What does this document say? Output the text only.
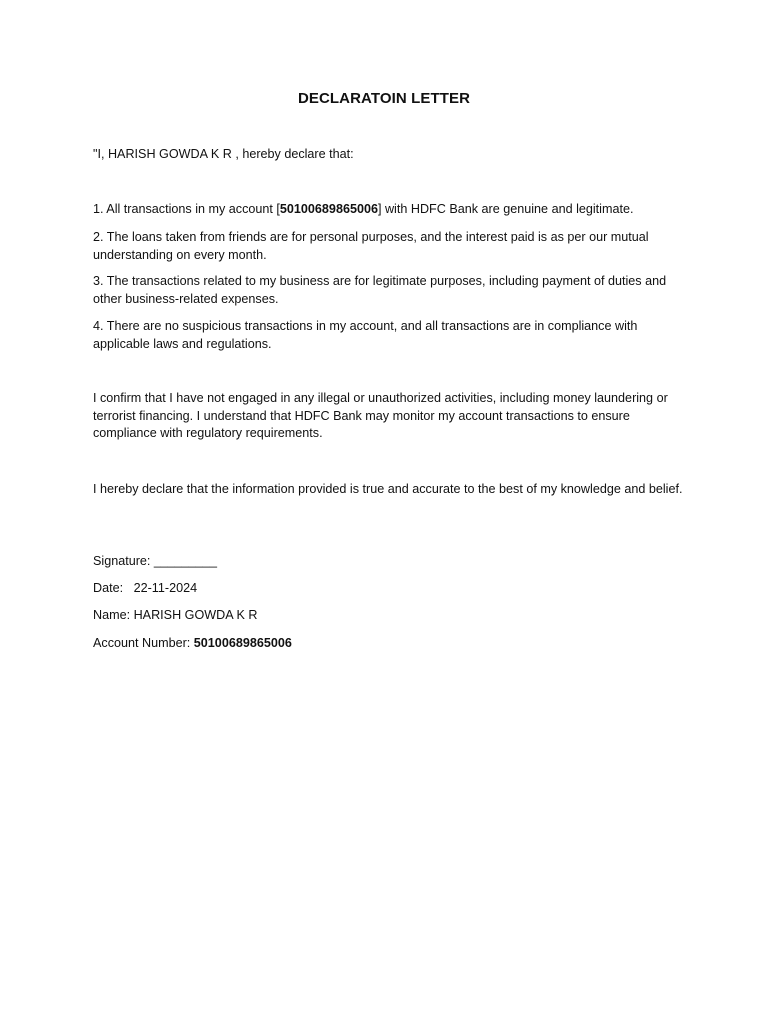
DECLARATOIN LETTER
"I, HARISH GOWDA K R , hereby declare that:
1. All transactions in my account [50100689865006] with HDFC Bank are genuine and legitimate.
2. The loans taken from friends are for personal purposes, and the interest paid is as per our mutual understanding on every month.
3. The transactions related to my business are for legitimate purposes, including payment of duties and other business-related expenses.
4. There are no suspicious transactions in my account, and all transactions are in compliance with applicable laws and regulations.
I confirm that I have not engaged in any illegal or unauthorized activities, including money laundering or terrorist financing. I understand that HDFC Bank may monitor my account transactions to ensure compliance with regulatory requirements.
I hereby declare that the information provided is true and accurate to the best of my knowledge and belief.
Signature: _________
Date:   22-11-2024
Name: HARISH GOWDA K R
Account Number: 50100689865006
